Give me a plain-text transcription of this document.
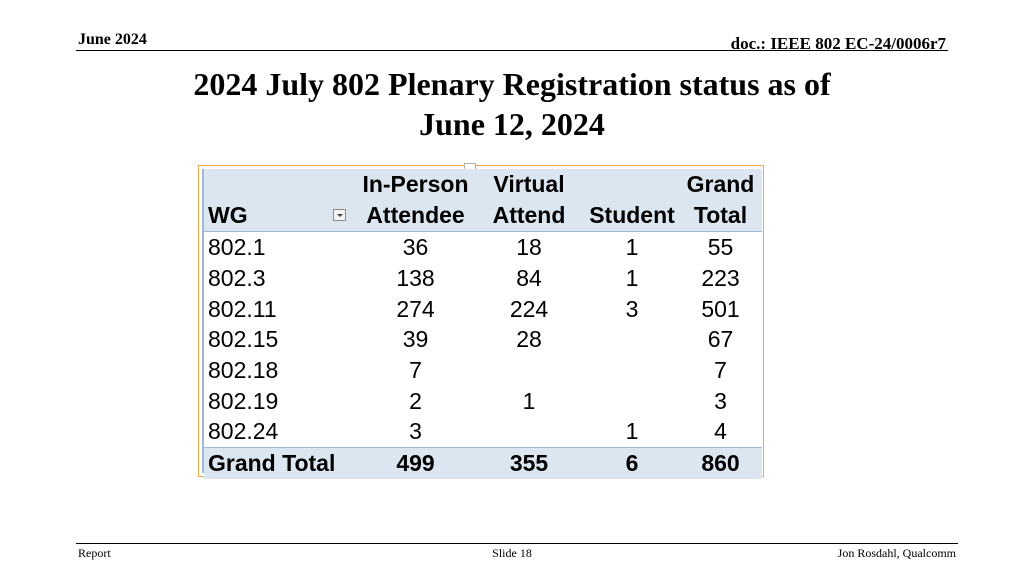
June 2024	doc.: IEEE 802 EC-24/0006r7
2024 July 802 Plenary Registration status as of
June 12, 2024
	In-Person	Virtual		Grand
WG	Attendee	Attend	Student	Total
802.1	36	18	1	55
802.3	138	84	1	223
802.11	274	224	3	501
802.15	39	28		67
802.18	7			7
802.19	2	1		3
802.24	3		1	4
Grand Total	499	355	6	860
Report	Slide 18	Jon Rosdahl, Qualcomm
